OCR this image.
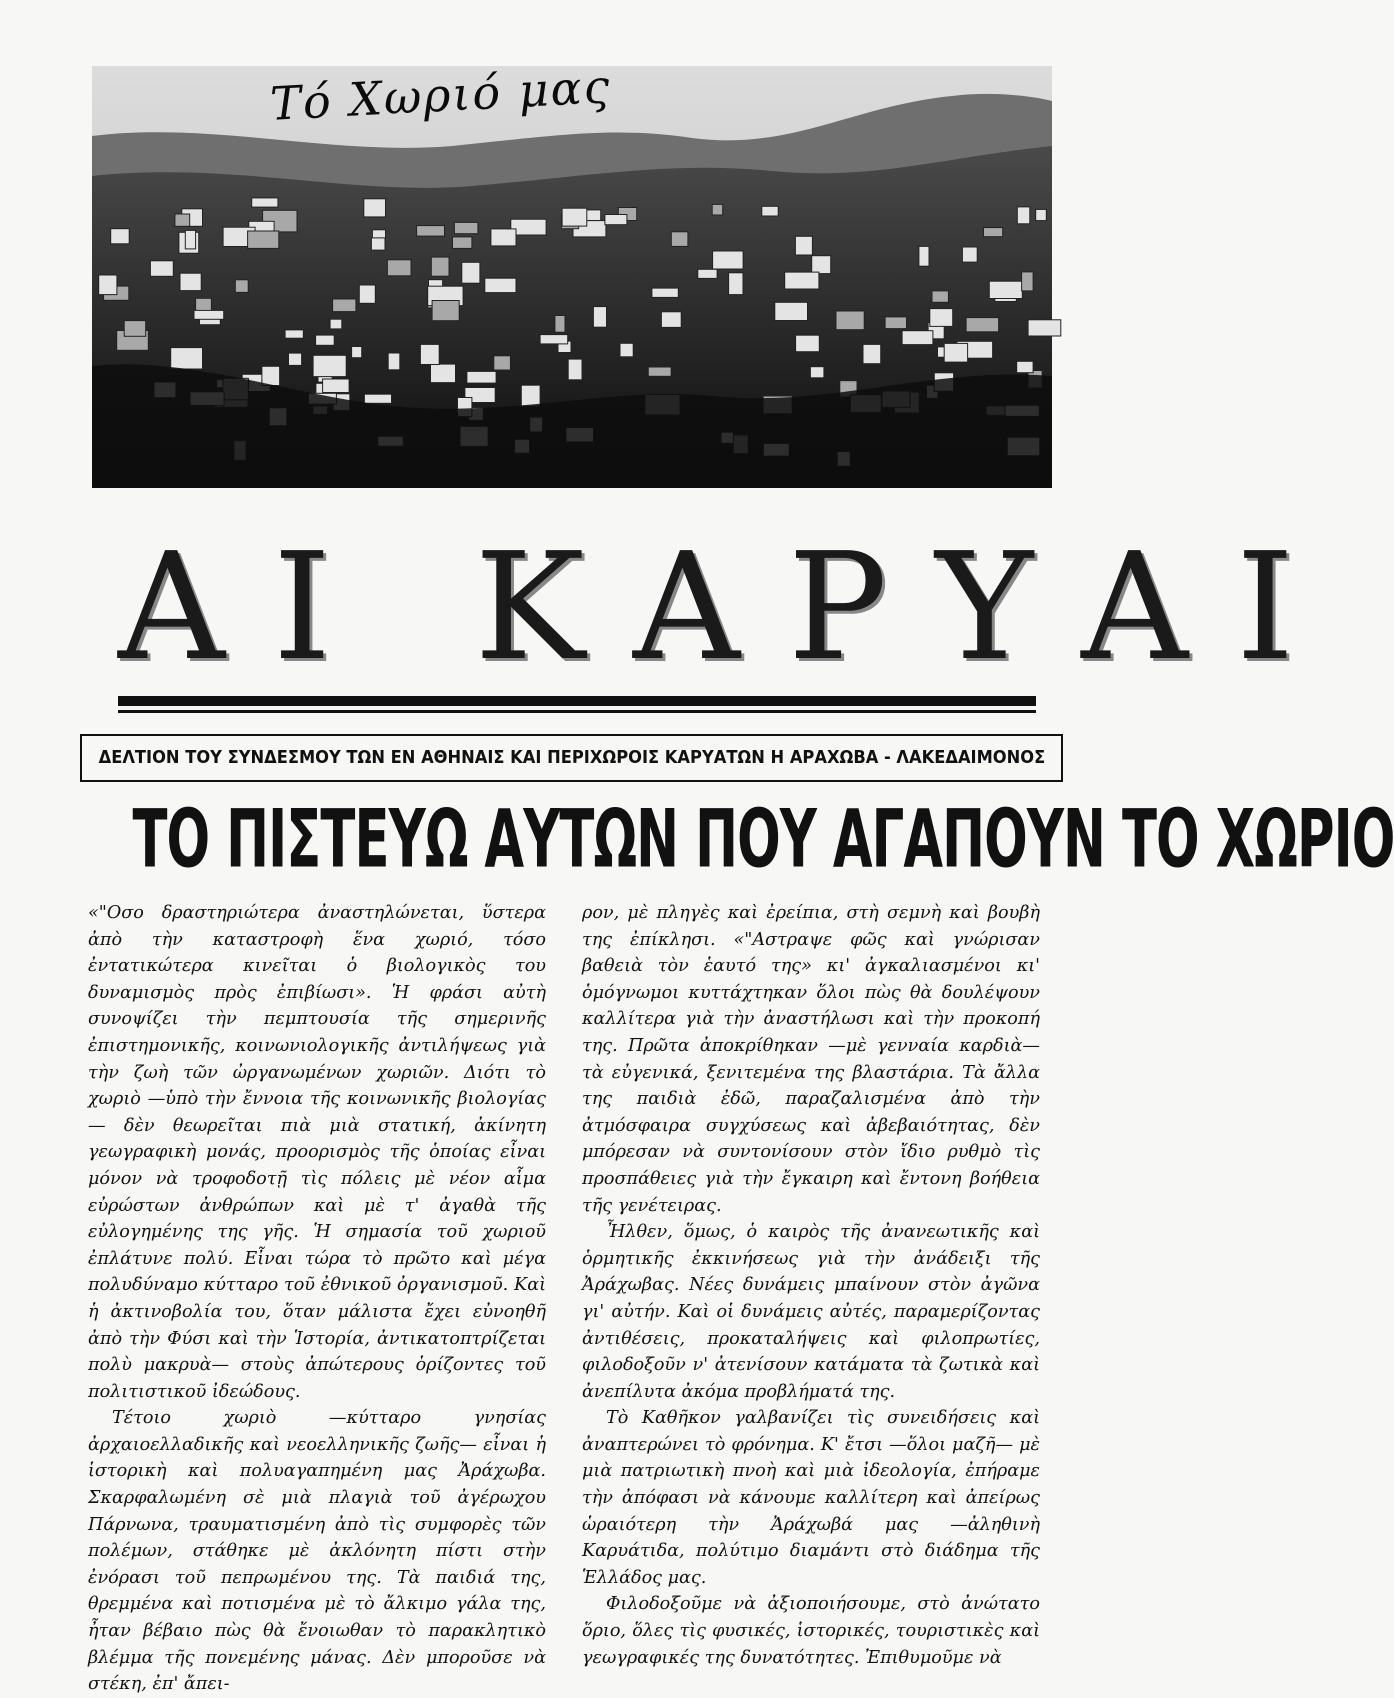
Τό Χωριό μας
ΑΙ ΚΑΡΥΑΙ
ΔΕΛΤΙΟΝ ΤΟΥ ΣΥΝΔΕΣΜΟΥ ΤΩΝ ΕΝ ΑΘΗΝΑΙΣ ΚΑΙ ΠΕΡΙΧΩΡΟΙΣ ΚΑΡΥΑΤΩΝ Η ΑΡΑΧΩΒΑ - ΛΑΚΕΔΑΙΜΟΝΟΣ
ΤΟ ΠΙΣΤΕΥΩ ΑΥΤΩΝ ΠΟΥ ΑΓΑΠΟΥΝ ΤΟ ΧΩΡΙΟ

«"Οσο δραστηριώτερα ἀναστηλώνεται, ὕστερα ἀπὸ τὴν καταστροφὴ ἕνα χωριό, τόσο ἐντατικώτερα κινεῖται ὁ βιολογικὸς του δυναμισμὸς πρὸς ἐπιβίωσι». Ἡ φράσι αὐτὴ συνοψίζει τὴν πεμπτουσία τῆς σημερινῆς ἐπιστημονικῆς, κοινωνιολογικῆς ἀντιλήψεως γιὰ τὴν ζωὴ τῶν ὠργανωμένων χωριῶν. Διότι τὸ χωριὸ —ὑπὸ τὴν ἔννοια τῆς κοινωνικῆς βιολογίας— δὲν θεωρεῖται πιὰ μιὰ στατική, ἀκίνητη γεωγραφικὴ μονάς, προορισμὸς τῆς ὁποίας εἶναι μόνον νὰ τροφοδοτῇ τὶς πόλεις μὲ νέον αἷμα εὐρώστων ἀνθρώπων καὶ μὲ τ' ἀγαθὰ τῆς εὐλογημένης της γῆς. Ἡ σημασία τοῦ χωριοῦ ἐπλάτυνε πολύ. Εἶναι τώρα τὸ πρῶτο καὶ μέγα πολυδύναμο κύτταρο τοῦ ἐθνικοῦ ὀργανισμοῦ. Καὶ ἡ ἀκτινοβολία του, ὅταν μάλιστα ἔχει εὐνοηθῆ ἀπὸ τὴν Φύσι καὶ τὴν Ἱστορία, ἀντικατοπτρίζεται πολὺ μακρυὰ— στοὺς ἀπώτερους ὁρίζοντες τοῦ πολιτιστικοῦ ἰδεώδους.

Τέτοιο χωριὸ —κύτταρο γνησίας ἀρχαιοελλαδικῆς καὶ νεοελληνικῆς ζωῆς— εἶναι ἡ ἱστορικὴ καὶ πολυαγαπημένη μας Ἀράχωβα. Σκαρφαλωμένη σὲ μιὰ πλαγιὰ τοῦ ἀγέρωχου Πάρνωνα, τραυματισμένη ἀπὸ τὶς συμφορὲς τῶν πολέμων, στάθηκε μὲ ἀκλόνητη πίστι στὴν ἐνόρασι τοῦ πεπρωμένου της. Τὰ παιδιά της, θρεμμένα καὶ ποτισμένα μὲ τὸ ἄλκιμο γάλα της, ἦταν βέβαιο πὼς θὰ ἔνοιωθαν τὸ παρακλητικὸ βλέμμα τῆς πονεμένης μάνας. Δὲν μποροῦσε νὰ στέκη, ἐπ' ἄπει-

ρον, μὲ πληγὲς καὶ ἐρείπια, στὴ σεμνὴ καὶ βουβὴ της ἐπίκλησι. «"Αστραψε φῶς καὶ γνώρισαν βαθειὰ τὸν ἑαυτό της» κι' ἀγκαλιασμένοι κι' ὁμόγνωμοι κυττάχτηκαν ὅλοι πὼς θὰ δουλέψουν καλλίτερα γιὰ τὴν ἀναστήλωσι καὶ τὴν προκοπή της. Πρῶτα ἀποκρίθηκαν —μὲ γενναία καρδιὰ— τὰ εὐγενικά, ξενιτεμένα της βλαστάρια. Τὰ ἄλλα της παιδιὰ ἐδῶ, παραζαλισμένα ἀπὸ τὴν ἀτμόσφαιρα συγχύσεως καὶ ἀβεβαιότητας, δὲν μπόρεσαν νὰ συντονίσουν στὸν ἴδιο ρυθμὸ τὶς προσπάθειες γιὰ τὴν ἔγκαιρη καὶ ἔντονη βοήθεια τῆς γενέτειρας.

Ἦλθεν, ὅμως, ὁ καιρὸς τῆς ἀνανεωτικῆς καὶ ὁρμητικῆς ἐκκινήσεως γιὰ τὴν ἀνάδειξι τῆς Ἀράχωβας. Νέες δυνάμεις μπαίνουν στὸν ἀγῶνα γι' αὐτήν. Καὶ οἱ δυνάμεις αὐτές, παραμερίζοντας ἀντιθέσεις, προκαταλήψεις καὶ φιλοπρωτίες, φιλοδοξοῦν ν' ἀτενίσουν κατάματα τὰ ζωτικὰ καὶ ἀνεπίλυτα ἀκόμα προβλήματά της.

Τὸ Καθῆκον γαλβανίζει τὶς συνειδήσεις καὶ ἀναπτερώνει τὸ φρόνημα. Κ' ἔτσι —ὅλοι μαζῆ— μὲ μιὰ πατριωτικὴ πνοὴ καὶ μιὰ ἰδεολογία, ἐπήραμε τὴν ἀπόφασι νὰ κάνουμε καλλίτερη καὶ ἀπείρως ὡραιότερη τὴν Ἀράχωβά μας —ἀληθινὴ Καρυάτιδα, πολύτιμο διαμάντι στὸ διάδημα τῆς Ἑλλάδος μας.

Φιλοδοξοῦμε νὰ ἀξιοποιήσουμε, στὸ ἀνώτατο ὅριο, ὅλες τὶς φυσικές, ἱστορικές, τουριστικὲς καὶ γεωγραφικές της δυνατότητες. Ἐπιθυμοῦμε νὰ
